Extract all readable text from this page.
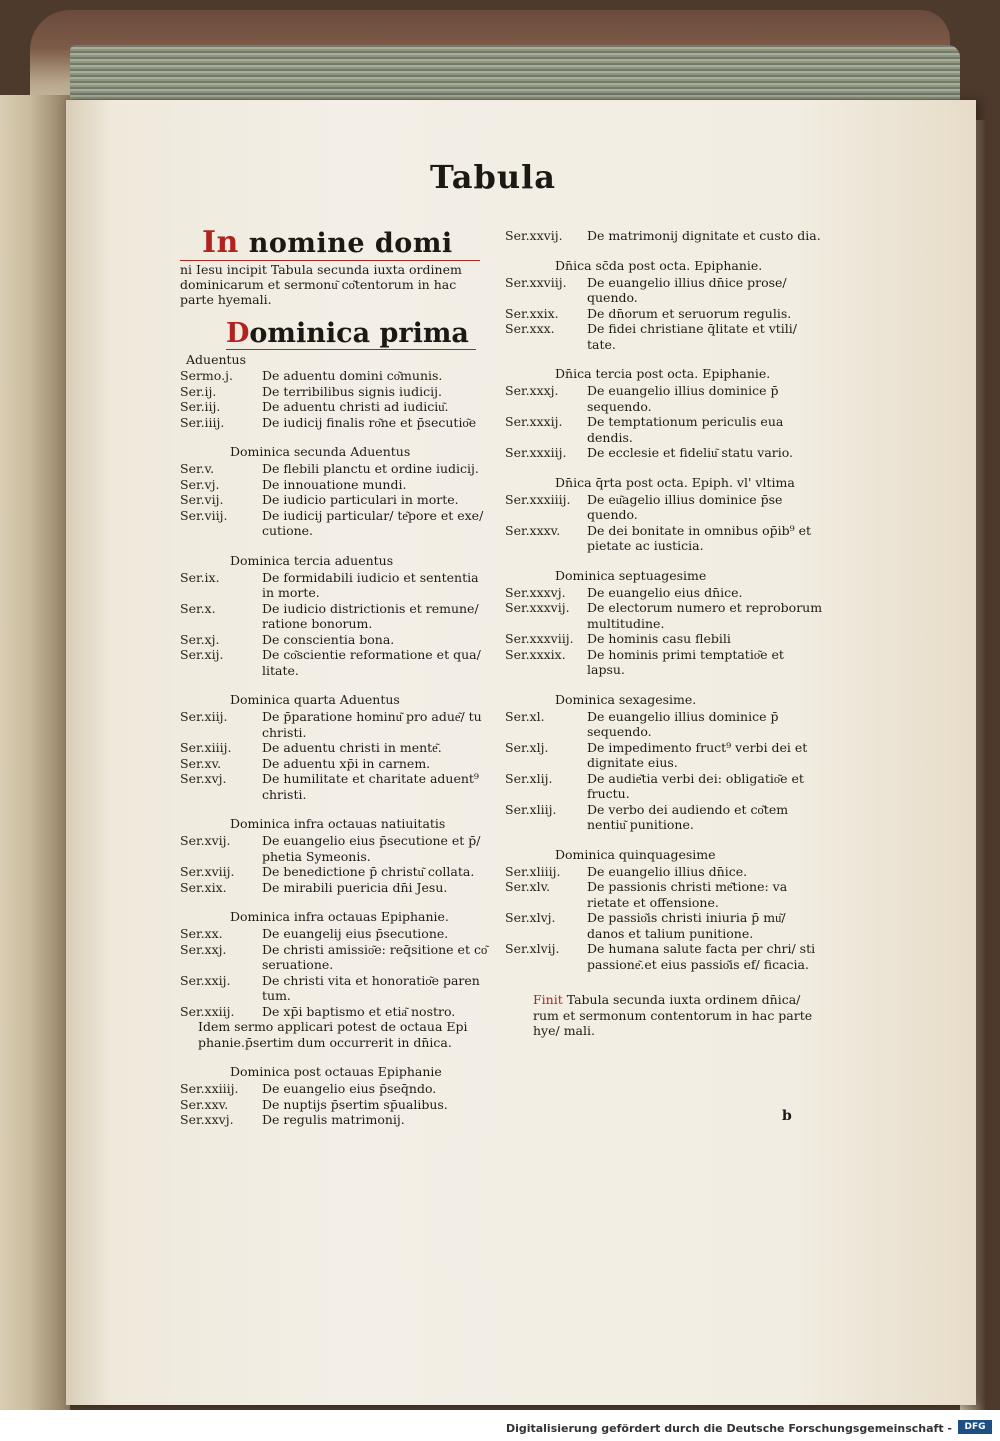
Tabula
In nomine domi
ni Iesu incipit Tabula secunda iuxta ordinem dominicarum et sermonu͂ co͂tentorum in hac parte hyemali.
Dominica prima
Aduentus
Sermo.j.	De aduentu domini co͂munis.
Ser.ij.	De terribilibus signis iudicij.
Ser.iij.	De aduentu christi ad iudiciu͂.
Ser.iiij.	De iudicij finalis ro͂ne et p̄secutio͂e
Dominica secunda Aduentus
Ser.v.	De flebili planctu et ordine iudicij.
Ser.vj.	De innouatione mundi.
Ser.vij.	De iudicio particulari in morte.
Ser.viij.	De iudicij particular/ te͂pore et exe/ cutione.
Dominica tercia aduentus
Ser.ix.	De formidabili iudicio et sententia in morte.
Ser.x.	De iudicio districtionis et remune/ ratione bonorum.
Ser.xj.	De conscientia bona.
Ser.xij.	De co͂scientie reformatione et qua/ litate.
Dominica quarta Aduentus
Ser.xiij.	De p̄paratione hominu͂ pro adue͂/ tu christi.
Ser.xiiij.	De aduentu christi in mente͂.
Ser.xv.	De aduentu xp̄i in carnem.
Ser.xvj.	De humilitate et charitate aduent⁹ christi.
Dominica infra octauas natiuitatis
Ser.xvij.	De euangelio eius p̄secutione et p̄/ phetia Symeonis.
Ser.xviij.	De benedictione p̄ christu͂ collata.
Ser.xix.	De mirabili puericia dn̄i Jesu.
Dominica infra octauas Epiphanie.
Ser.xx.	De euangelij eius p̄secutione.
Ser.xxj.	De christi amissio͂e: req̄sitione et co͂ seruatione.
Ser.xxij.	De christi vita et honoratio͂e paren tum.
Ser.xxiij.	De xp̄i baptismo et etia͂ nostro.
Idem sermo applicari potest de octaua Epi phanie.p̄sertim dum occurrerit in dn̄ica.
Dominica post octauas Epiphanie
Ser.xxiiij.	De euangelio eius p̄seq̄ndo.
Ser.xxv.	De nuptijs p̄sertim sp̄ualibus.
Ser.xxvj.	De regulis matrimonij.
Ser.xxvij.	De matrimonij dignitate et custo dia.
Dn̄ica sc̄da post octa. Epiphanie.
Ser.xxviij.	De euangelio illius dn̄ice prose/ quendo.
Ser.xxix.	De dn̄orum et seruorum regulis.
Ser.xxx.	De fidei christiane q̄litate et vtili/ tate.
Dn̄ica tercia post octa. Epiphanie.
Ser.xxxj.	De euangelio illius dominice p̄ sequendo.
Ser.xxxij.	De temptationum periculis eua dendis.
Ser.xxxiij.	De ecclesie et fideliu͂ statu vario.
Dn̄ica q̄rta post octa. Epiph. vl' vltima
Ser.xxxiiij.	De eu͂agelio illius dominice p̄se quendo.
Ser.xxxv.	De dei bonitate in omnibus op̄ib⁹ et pietate ac iusticia.
Dominica septuagesime
Ser.xxxvj.	De euangelio eius dn̄ice.
Ser.xxxvij.	De electorum numero et reproborum multitudine.
Ser.xxxviij.	De hominis casu flebili
Ser.xxxix.	De hominis primi temptatio͂e et lapsu.
Dominica sexagesime.
Ser.xl.	De euangelio illius dominice p̄ sequendo.
Ser.xlj.	De impedimento fruct⁹ verbi dei et dignitate eius.
Ser.xlij.	De audie͂tia verbi dei: obligatio͂e et fructu.
Ser.xliij.	De verbo dei audiendo et co͂tem nentiu͂ punitione.
Dominica quinquagesime
Ser.xliiij.	De euangelio illius dn̄ice.
Ser.xlv.	De passionis christi me͂tione: va rietate et offensione.
Ser.xlvj.	De passio͂is christi iniuria p̄ mu͂/ danos et talium punitione.
Ser.xlvij.	De humana salute facta per chri/ sti passione͂.et eius passio͂is ef/ ficacia.
Finit Tabula secunda iuxta ordinem dn̄ica/ rum et sermonum contentorum in hac parte hye/ mali.
b
Digitalisierung gefördert durch die Deutsche Forschungsgemeinschaft -	DFG
